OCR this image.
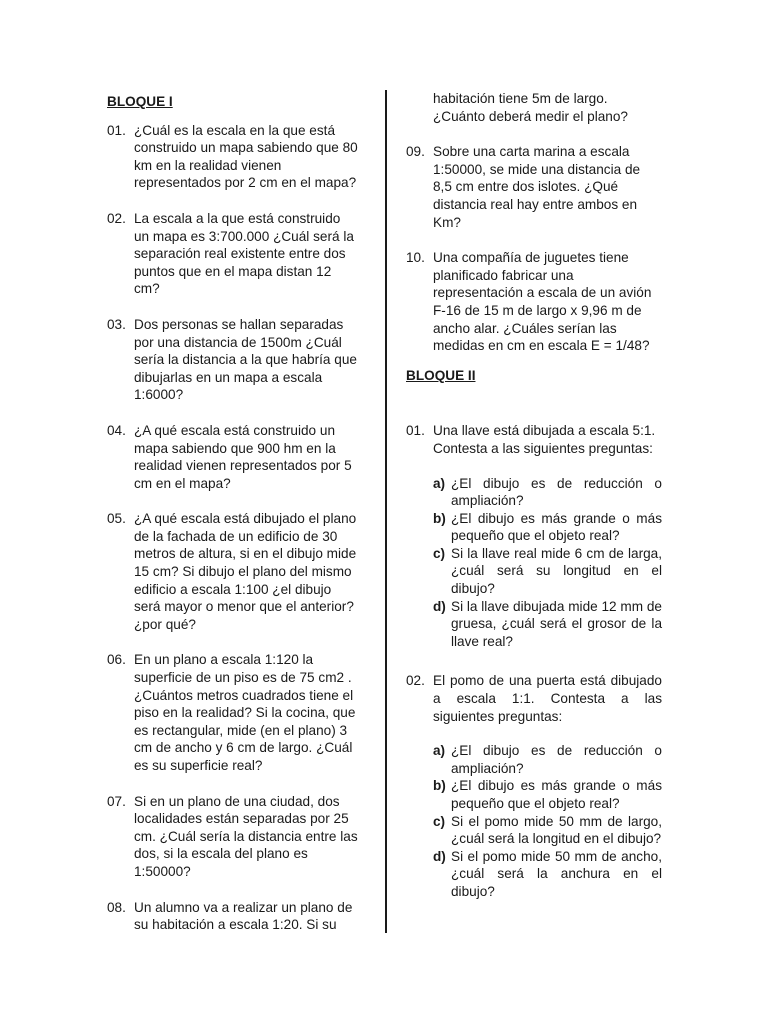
BLOQUE I
01. ¿Cuál es la escala en la que está
construido un mapa sabiendo que 80
km en la realidad vienen
representados por 2 cm en el mapa?
02. La escala a la que está construido
un mapa es 3:700.000 ¿Cuál será la
separación real existente entre dos
puntos que en el mapa distan 12
cm?
03. Dos personas se hallan separadas
por una distancia de 1500m ¿Cuál
sería la distancia a la que habría que
dibujarlas en un mapa a escala
1:6000?
04. ¿A qué escala está construido un
mapa sabiendo que 900 hm en la
realidad vienen representados por 5
cm en el mapa?
05. ¿A qué escala está dibujado el plano
de la fachada de un edificio de 30
metros de altura, si en el dibujo mide
15 cm? Si dibujo el plano del mismo
edificio a escala 1:100 ¿el dibujo
será mayor o menor que el anterior?
¿por qué?
06. En un plano a escala 1:120 la
superficie de un piso es de 75 cm2 .
¿Cuántos metros cuadrados tiene el
piso en la realidad? Si la cocina, que
es rectangular, mide (en el plano) 3
cm de ancho y 6 cm de largo. ¿Cuál
es su superficie real?
07. Si en un plano de una ciudad, dos
localidades están separadas por 25
cm. ¿Cuál sería la distancia entre las
dos, si la escala del plano es
1:50000?
08. Un alumno va a realizar un plano de
su habitación a escala 1:20. Si su
habitación tiene 5m de largo.
¿Cuánto deberá medir el plano?
09. Sobre una carta marina a escala
1:50000, se mide una distancia de
8,5 cm entre dos islotes. ¿Qué
distancia real hay entre ambos en
Km?
10. Una compañía de juguetes tiene
planificado fabricar una
representación a escala de un avión
F-16 de 15 m de largo x 9,96 m de
ancho alar. ¿Cuáles serían las
medidas en cm en escala E = 1/48?
BLOQUE II
01. Una llave está dibujada a escala 5:1.
Contesta a las siguientes preguntas:
a) ¿El dibujo es de reducción o ampliación?
b) ¿El dibujo es más grande o más pequeño que el objeto real?
c) Si la llave real mide 6 cm de larga, ¿cuál será su longitud en el dibujo?
d) Si la llave dibujada mide 12 mm de gruesa, ¿cuál será el grosor de la llave real?
02. El pomo de una puerta está dibujado a escala 1:1. Contesta a las siguientes preguntas:
a) ¿El dibujo es de reducción o ampliación?
b) ¿El dibujo es más grande o más pequeño que el objeto real?
c) Si el pomo mide 50 mm de largo, ¿cuál será la longitud en el dibujo?
d) Si el pomo mide 50 mm de ancho, ¿cuál será la anchura en el dibujo?
